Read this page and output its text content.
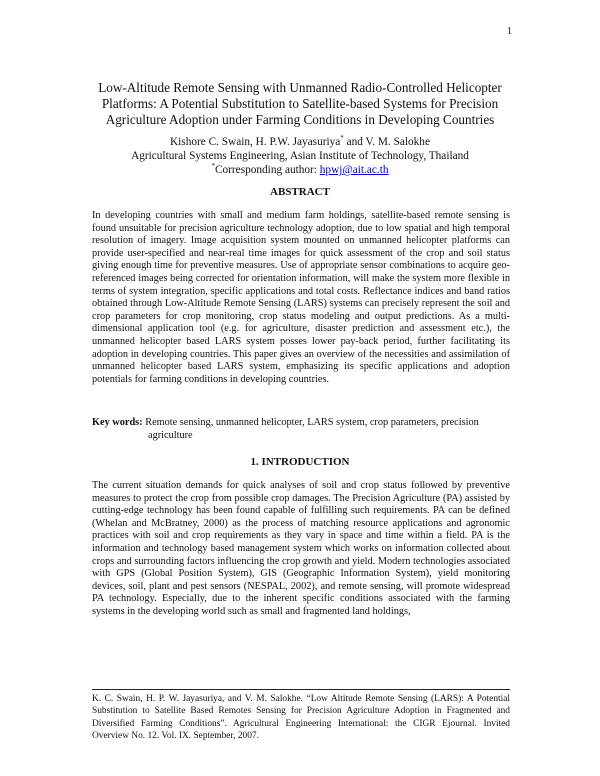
1
Low-Altitude Remote Sensing with Unmanned Radio-Controlled Helicopter Platforms: A Potential Substitution to Satellite-based Systems for Precision Agriculture Adoption under Farming Conditions in Developing Countries
Kishore C. Swain, H. P.W. Jayasuriya* and V. M. Salokhe
Agricultural Systems Engineering, Asian Institute of Technology, Thailand
*Corresponding author: hpwj@ait.ac.th
ABSTRACT

In developing countries with small and medium farm holdings, satellite-based remote sensing is found unsuitable for precision agriculture technology adoption, due to low spatial and high temporal resolution of imagery. Image acquisition system mounted on unmanned helicopter platforms can provide user-specified and near-real time images for quick assessment of the crop and soil status giving enough time for preventive measures. Use of appropriate sensor combinations to acquire geo-referenced images being corrected for orientation information, will make the system more flexible in terms of system integration, specific applications and total costs. Reflectance indices and band ratios obtained through Low-Altitude Remote Sensing (LARS) systems can precisely represent the soil and crop parameters for crop monitoring, crop status modeling and output predictions. As a multi-dimensional application tool (e.g. for agriculture, disaster prediction and assessment etc.), the unmanned helicopter based LARS system posses lower pay-back period, further facilitating its adoption in developing countries. This paper gives an overview of the necessities and assimilation of unmanned helicopter based LARS system, emphasizing its specific applications and adoption potentials for farming conditions in developing countries.

Key words: Remote sensing, unmanned helicopter, LARS system, crop parameters, precision
agriculture
1. INTRODUCTION

The current situation demands for quick analyses of soil and crop status followed by preventive measures to protect the crop from possible crop damages. The Precision Agriculture (PA) assisted by cutting-edge technology has been found capable of fulfilling such requirements. PA can be defined (Whelan and McBratney, 2000) as the process of matching resource applications and agronomic practices with soil and crop requirements as they vary in space and time within a field. PA is the information and technology based management system which works on information collected about crops and surrounding factors influencing the crop growth and yield. Modern technologies associated with GPS (Global Position System), GIS (Geographic Information System), yield monitoring devices, soil, plant and pest sensors (NESPAL, 2002), and remote sensing, will promote widespread PA technology. Especially, due to the inherent specific conditions associated with the farming systems in the developing world such as small and fragmented land holdings,

K. C. Swain, H. P. W. Jayasuriya, and V. M. Salokhe. “Low Altitude Remote Sensing (LARS): A Potential Substitution to Satellite Based Remotes Sensing for Precision Agriculture Adoption in Fragmented and Diversified Farming Conditions”. Agricultural Engineering International: the CIGR Ejournal. Invited Overview No. 12. Vol. IX. September, 2007.
